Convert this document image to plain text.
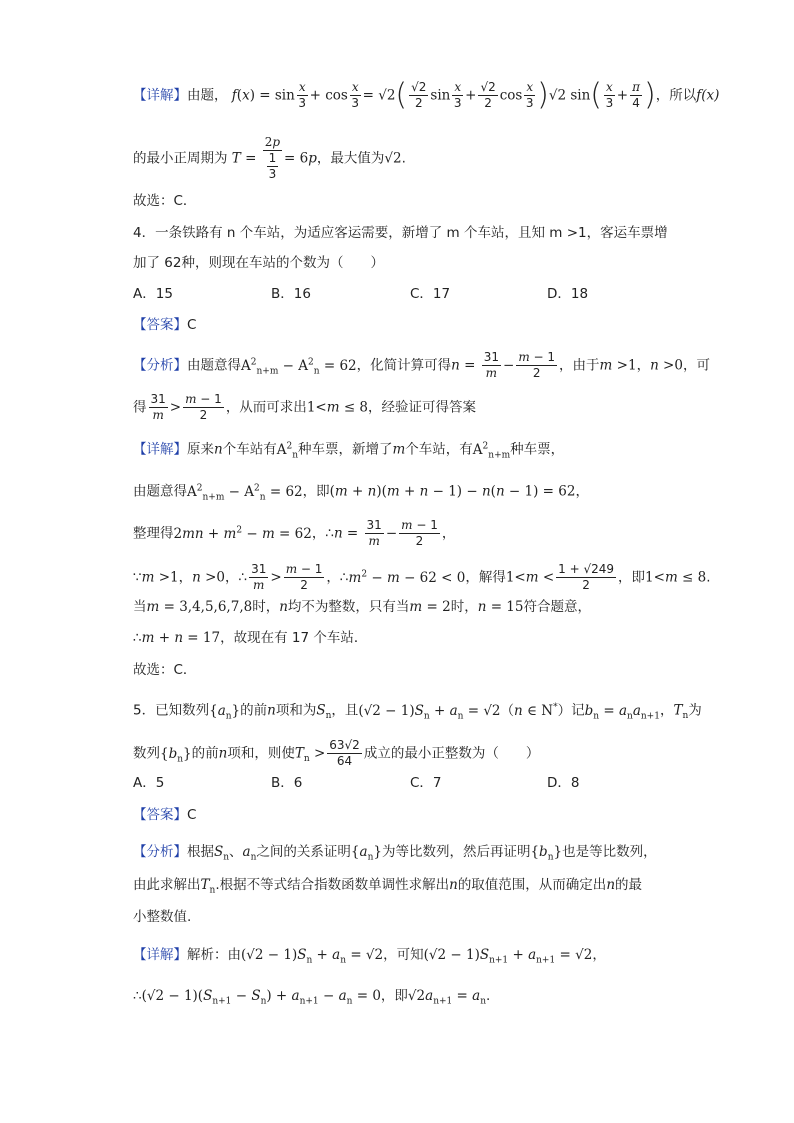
【详解】由题， $f(x) = \sin \frac{x}{3} + \cos \frac{x}{3} = √2( \frac{√2}{2}$ $\sin \frac{x}{3} + \frac{√2}{2}$ $\cos \frac{x}{3} )√2$ $\sin( \frac{x}{3} + \frac{\pi}{4}$ )，所以f(x)
的最小正周期为 $T = \frac{2p}{\frac{1}{3}} = 6p$，最大值为√2.
故选：C．
4．一条铁路有 n 个车站，为适应客运需要，新增了 m 个车站，且知 m >1，客运车票增
加了 62种，则现在车站的个数为（　　）
A．15	B．16	C．17	D．18
【答案】C
【分析】由题意得$A^2_{n+m} - A^2_n = 62$，化简计算可得$n = \frac{31}{m} - \frac{m - 1}{2}$ ，由于m >1，n >0，可
得 $\frac{31}{m} > \frac{m - 1}{2}$ ，从而可求出1<m ≤ 8，经验证可得答案
【详解】原来n个车站有$A^2_n$种车票，新增了m个车站，有$A^2_{n+m}$种车票，
由题意得$A^2_{n+m} - A^2_n = 62$，即(m + n)(m + n − 1) − n(n − 1) = 62，
整理得$2mn + m^2 - m = 62$，∴n = $\frac{31}{m} - \frac{m - 1}{2}$ ，
∵m >1，n >0，∴ $\frac{31}{m} > \frac{m - 1}{2}$ ，$\therefore m^2 - m - 62 < 0$，解得$1<m < \frac{1 + √249}{2}$ ，即1<m ≤ 8.
当m = 3,4,5,6,7,8时，n均不为整数，只有当m = 2时，n = 15符合题意，
∴m + n = 17，故现在有 17 个车站．
故选：C．
5．已知数列$\{a_n\}$的前n项和为$S_n$，且$(√2 - 1)S_n + a_n = √2(n$ ∈ N*）记$b_n = a_na_{n+1}$，$T_n$为
数列$\{b_n\}$的前n项和，则使$T_n > \frac{63√2}{64}$ 成立的最小正整数为（　　）
A．5	B．6	C．7	D．8
【答案】C
【分析】根据$S_n$、$a_n$之间的关系证明$\{a_n\}$为等比数列，然后再证明$\{b_n\}$也是等比数列，
由此求解出$T_n$.根据不等式结合指数函数单调性求解出n的取值范围，从而确定出n的最
小整数值.
【详解】解析：由$(√2 - 1)S_n + a_n = √2$，可知$(√2 - 1)S_{n+1} + a_{n+1} = √2$，
∴(√2 − $1)(S_{n+1} - S_n) + a_{n+1} - a_n = 0$，即$√2a_{n+1} = a_n$.
